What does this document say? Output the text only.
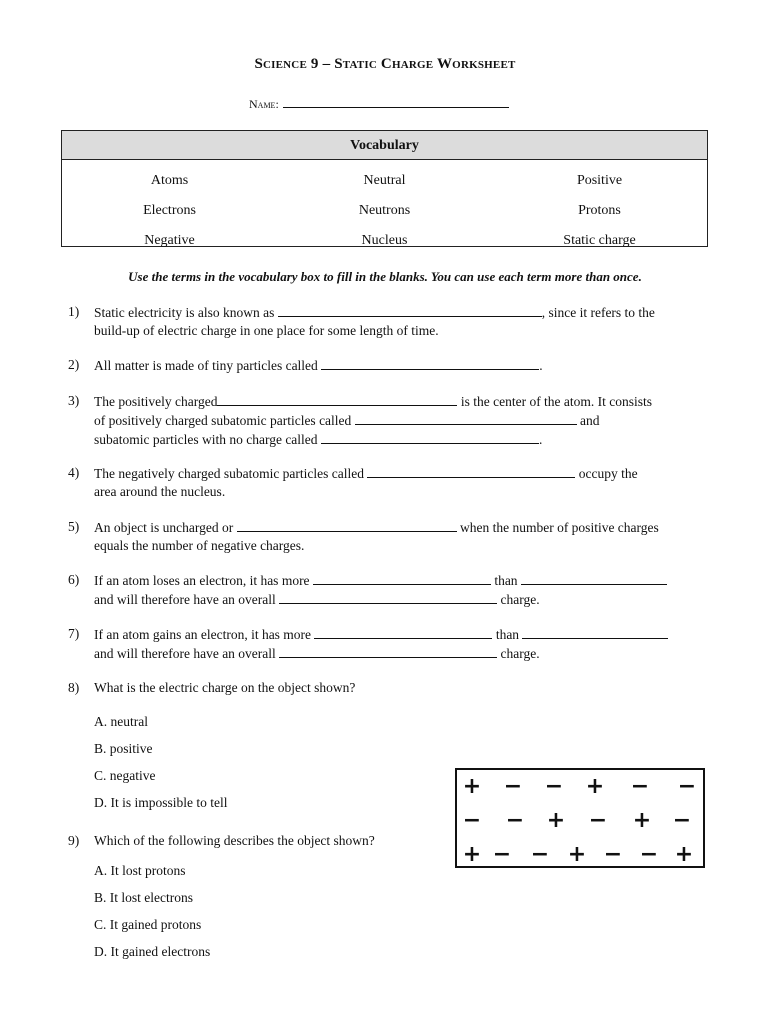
Science 9 – Static Charge Worksheet
Name:
Vocabulary
Atoms	Neutral	Positive
Electrons	Neutrons	Protons
Negative	Nucleus	Static charge
Use the terms in the vocabulary box to fill in the blanks. You can use each term more than once.
1) Static electricity is also known as	, since it refers to the
build-up of electric charge in one place for some length of time.
2) All matter is made of tiny particles called	.
3) The positively charged	is the center of the atom. It consists
of positively charged subatomic particles called	and
subatomic particles with no charge called	.
4) The negatively charged subatomic particles called	occupy the
area around the nucleus.
5) An object is uncharged or	when the number of positive charges
equals the number of negative charges.
6) If an atom loses an electron, it has more	than
and will therefore have an overall	charge.
7) If an atom gains an electron, it has more	than
and will therefore have an overall	charge.
8) What is the electric charge on the object shown?
A. neutral
B. positive
C. negative
D. It is impossible to tell
9) Which of the following describes the object shown?
A. It lost protons
B. It lost electrons
C. It gained protons
D. It gained electrons
+ − − + − −
− − + − + −
+ − − + − − +
